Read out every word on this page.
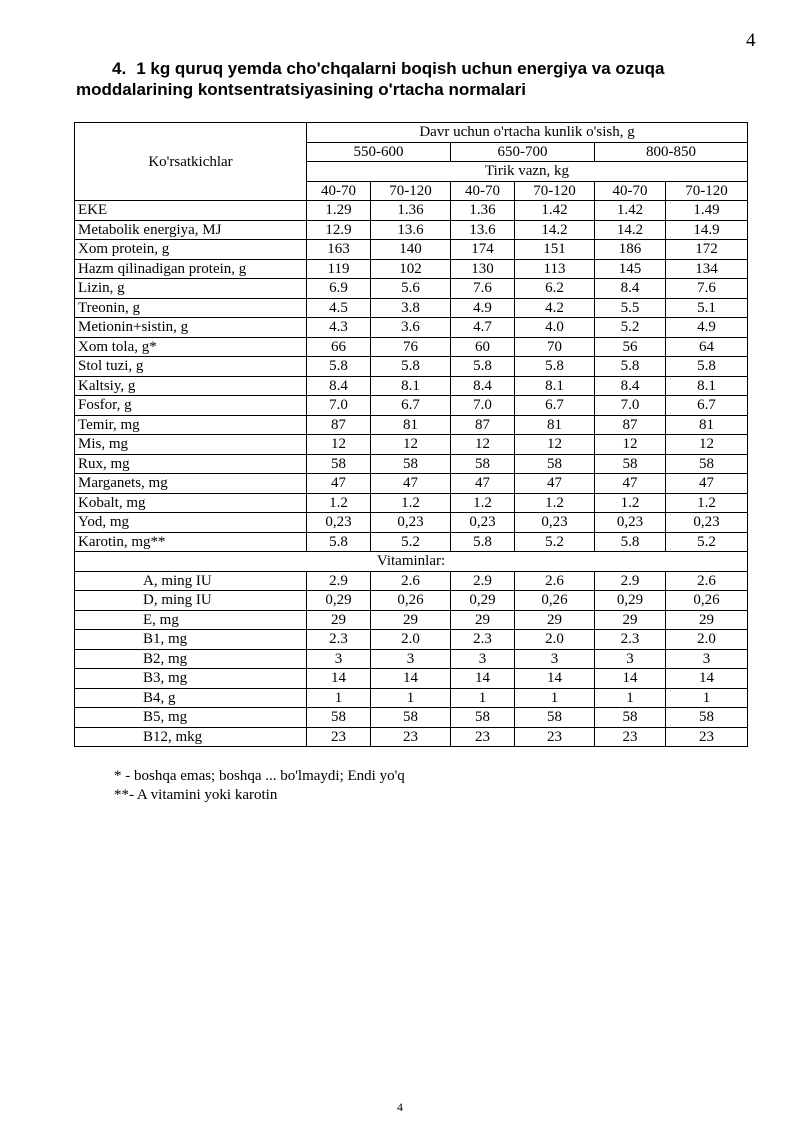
4
4. 1 kg quruq yemda cho'chqalarni boqish uchun energiya va ozuqa moddalarining kontsentratsiyasining o'rtacha normalari
Ko'rsatkichlar	Davr uchun o'rtacha kunlik o'sish, g					
	550-600		650-700		800-850	
	Tirik vazn, kg					
	40-70	70-120	40-70	70-120	40-70	70-120
EKE	1.29	1.36	1.36	1.42	1.42	1.49
Metabolik energiya, MJ	12.9	13.6	13.6	14.2	14.2	14.9
Xom protein, g	163	140	174	151	186	172
Hazm qilinadigan protein, g	119	102	130	113	145	134
Lizin, g	6.9	5.6	7.6	6.2	8.4	7.6
Treonin, g	4.5	3.8	4.9	4.2	5.5	5.1
Metionin+sistin, g	4.3	3.6	4.7	4.0	5.2	4.9
Xom tola, g*	66	76	60	70	56	64
Stol tuzi, g	5.8	5.8	5.8	5.8	5.8	5.8
Kaltsiy, g	8.4	8.1	8.4	8.1	8.4	8.1
Fosfor, g	7.0	6.7	7.0	6.7	7.0	6.7
Temir, mg	87	81	87	81	87	81
Mis, mg	12	12	12	12	12	12
Rux, mg	58	58	58	58	58	58
Marganets, mg	47	47	47	47	47	47
Kobalt, mg	1.2	1.2	1.2	1.2	1.2	1.2
Yod, mg	0,23	0,23	0,23	0,23	0,23	0,23
Karotin, mg**	5.8	5.2	5.8	5.2	5.8	5.2
Vitaminlar:						
A, ming IU	2.9	2.6	2.9	2.6	2.9	2.6
D, ming IU	0,29	0,26	0,29	0,26	0,29	0,26
E, mg	29	29	29	29	29	29
B1, mg	2.3	2.0	2.3	2.0	2.3	2.0
B2, mg	3	3	3	3	3	3
B3, mg	14	14	14	14	14	14
B4, g	1	1	1	1	1	1
B5, mg	58	58	58	58	58	58
B12, mkg	23	23	23	23	23	23
* - boshqa emas; boshqa ... bo'lmaydi; Endi yo'q
**- A vitamini yoki karotin
4
